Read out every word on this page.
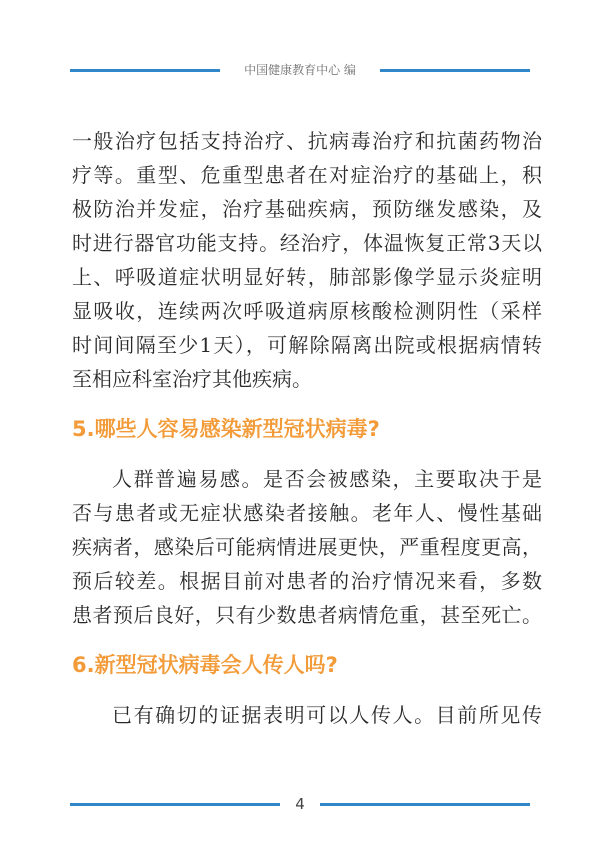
中国健康教育中心 编

一般治疗包括支持治疗、抗病毒治疗和抗菌药物治
疗等。重型、危重型患者在对症治疗的基础上，积
极防治并发症，治疗基础疾病，预防继发感染，及
时进行器官功能支持。经治疗，体温恢复正常3天以
上、呼吸道症状明显好转，肺部影像学显示炎症明
显吸收，连续两次呼吸道病原核酸检测阴性（采样
时间间隔至少1天），可解除隔离出院或根据病情转
至相应科室治疗其他疾病。

5.哪些人容易感染新型冠状病毒?

人群普遍易感。是否会被感染，主要取决于是
否与患者或无症状感染者接触。老年人、慢性基础
疾病者，感染后可能病情进展更快，严重程度更高，
预后较差。根据目前对患者的治疗情况来看，多数
患者预后良好，只有少数患者病情危重，甚至死亡。

6.新型冠状病毒会人传人吗?

已有确切的证据表明可以人传人。目前所见传

4
